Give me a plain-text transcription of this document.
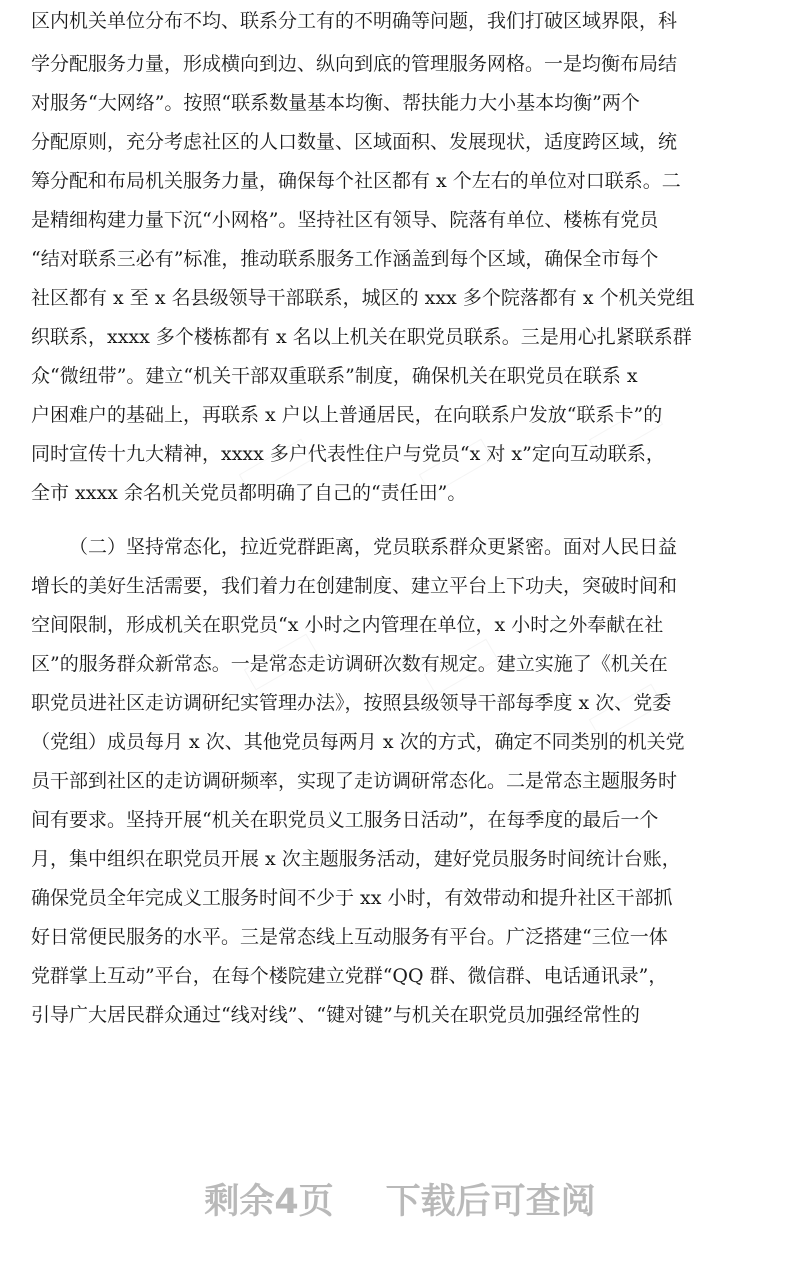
区内机关单位分布不均、联系分工有的不明确等问题，我们打破区域界限，科
学分配服务力量，形成横向到边、纵向到底的管理服务网格。一是均衡布局结
对服务“大网络”。按照“联系数量基本均衡、帮扶能力大小基本均衡”两个
分配原则，充分考虑社区的人口数量、区域面积、发展现状，适度跨区域，统
筹分配和布局机关服务力量，确保每个社区都有 x 个左右的单位对口联系。二
是精细构建力量下沉“小网格”。坚持社区有领导、院落有单位、楼栋有党员
“结对联系三必有”标准，推动联系服务工作涵盖到每个区域，确保全市每个
社区都有 x 至 x 名县级领导干部联系，城区的 xxx 多个院落都有 x 个机关党组
织联系，xxxx 多个楼栋都有 x 名以上机关在职党员联系。三是用心扎紧联系群
众“微纽带”。建立“机关干部双重联系”制度，确保机关在职党员在联系 x
户困难户的基础上，再联系 x 户以上普通居民，在向联系户发放“联系卡”的
同时宣传十九大精神，xxxx 多户代表性住户与党员“x 对 x”定向互动联系，
全市 xxxx 余名机关党员都明确了自己的“责任田”。
（二）坚持常态化，拉近党群距离，党员联系群众更紧密。面对人民日益
增长的美好生活需要，我们着力在创建制度、建立平台上下功夫，突破时间和
空间限制，形成机关在职党员“x 小时之内管理在单位，x 小时之外奉献在社
区”的服务群众新常态。一是常态走访调研次数有规定。建立实施了《机关在
职党员进社区走访调研纪实管理办法》，按照县级领导干部每季度 x 次、党委
（党组）成员每月 x 次、其他党员每两月 x 次的方式，确定不同类别的机关党
员干部到社区的走访调研频率，实现了走访调研常态化。二是常态主题服务时
间有要求。坚持开展“机关在职党员义工服务日活动”，在每季度的最后一个
月，集中组织在职党员开展 x 次主题服务活动，建好党员服务时间统计台账，
确保党员全年完成义工服务时间不少于 xx 小时，有效带动和提升社区干部抓
好日常便民服务的水平。三是常态线上互动服务有平台。广泛搭建“三位一体
党群掌上互动”平台，在每个楼院建立党群“QQ 群、微信群、电话通讯录”，
引导广大居民群众通过“线对线”、“键对键”与机关在职党员加强经常性的
剩余4页 下载后可查阅
